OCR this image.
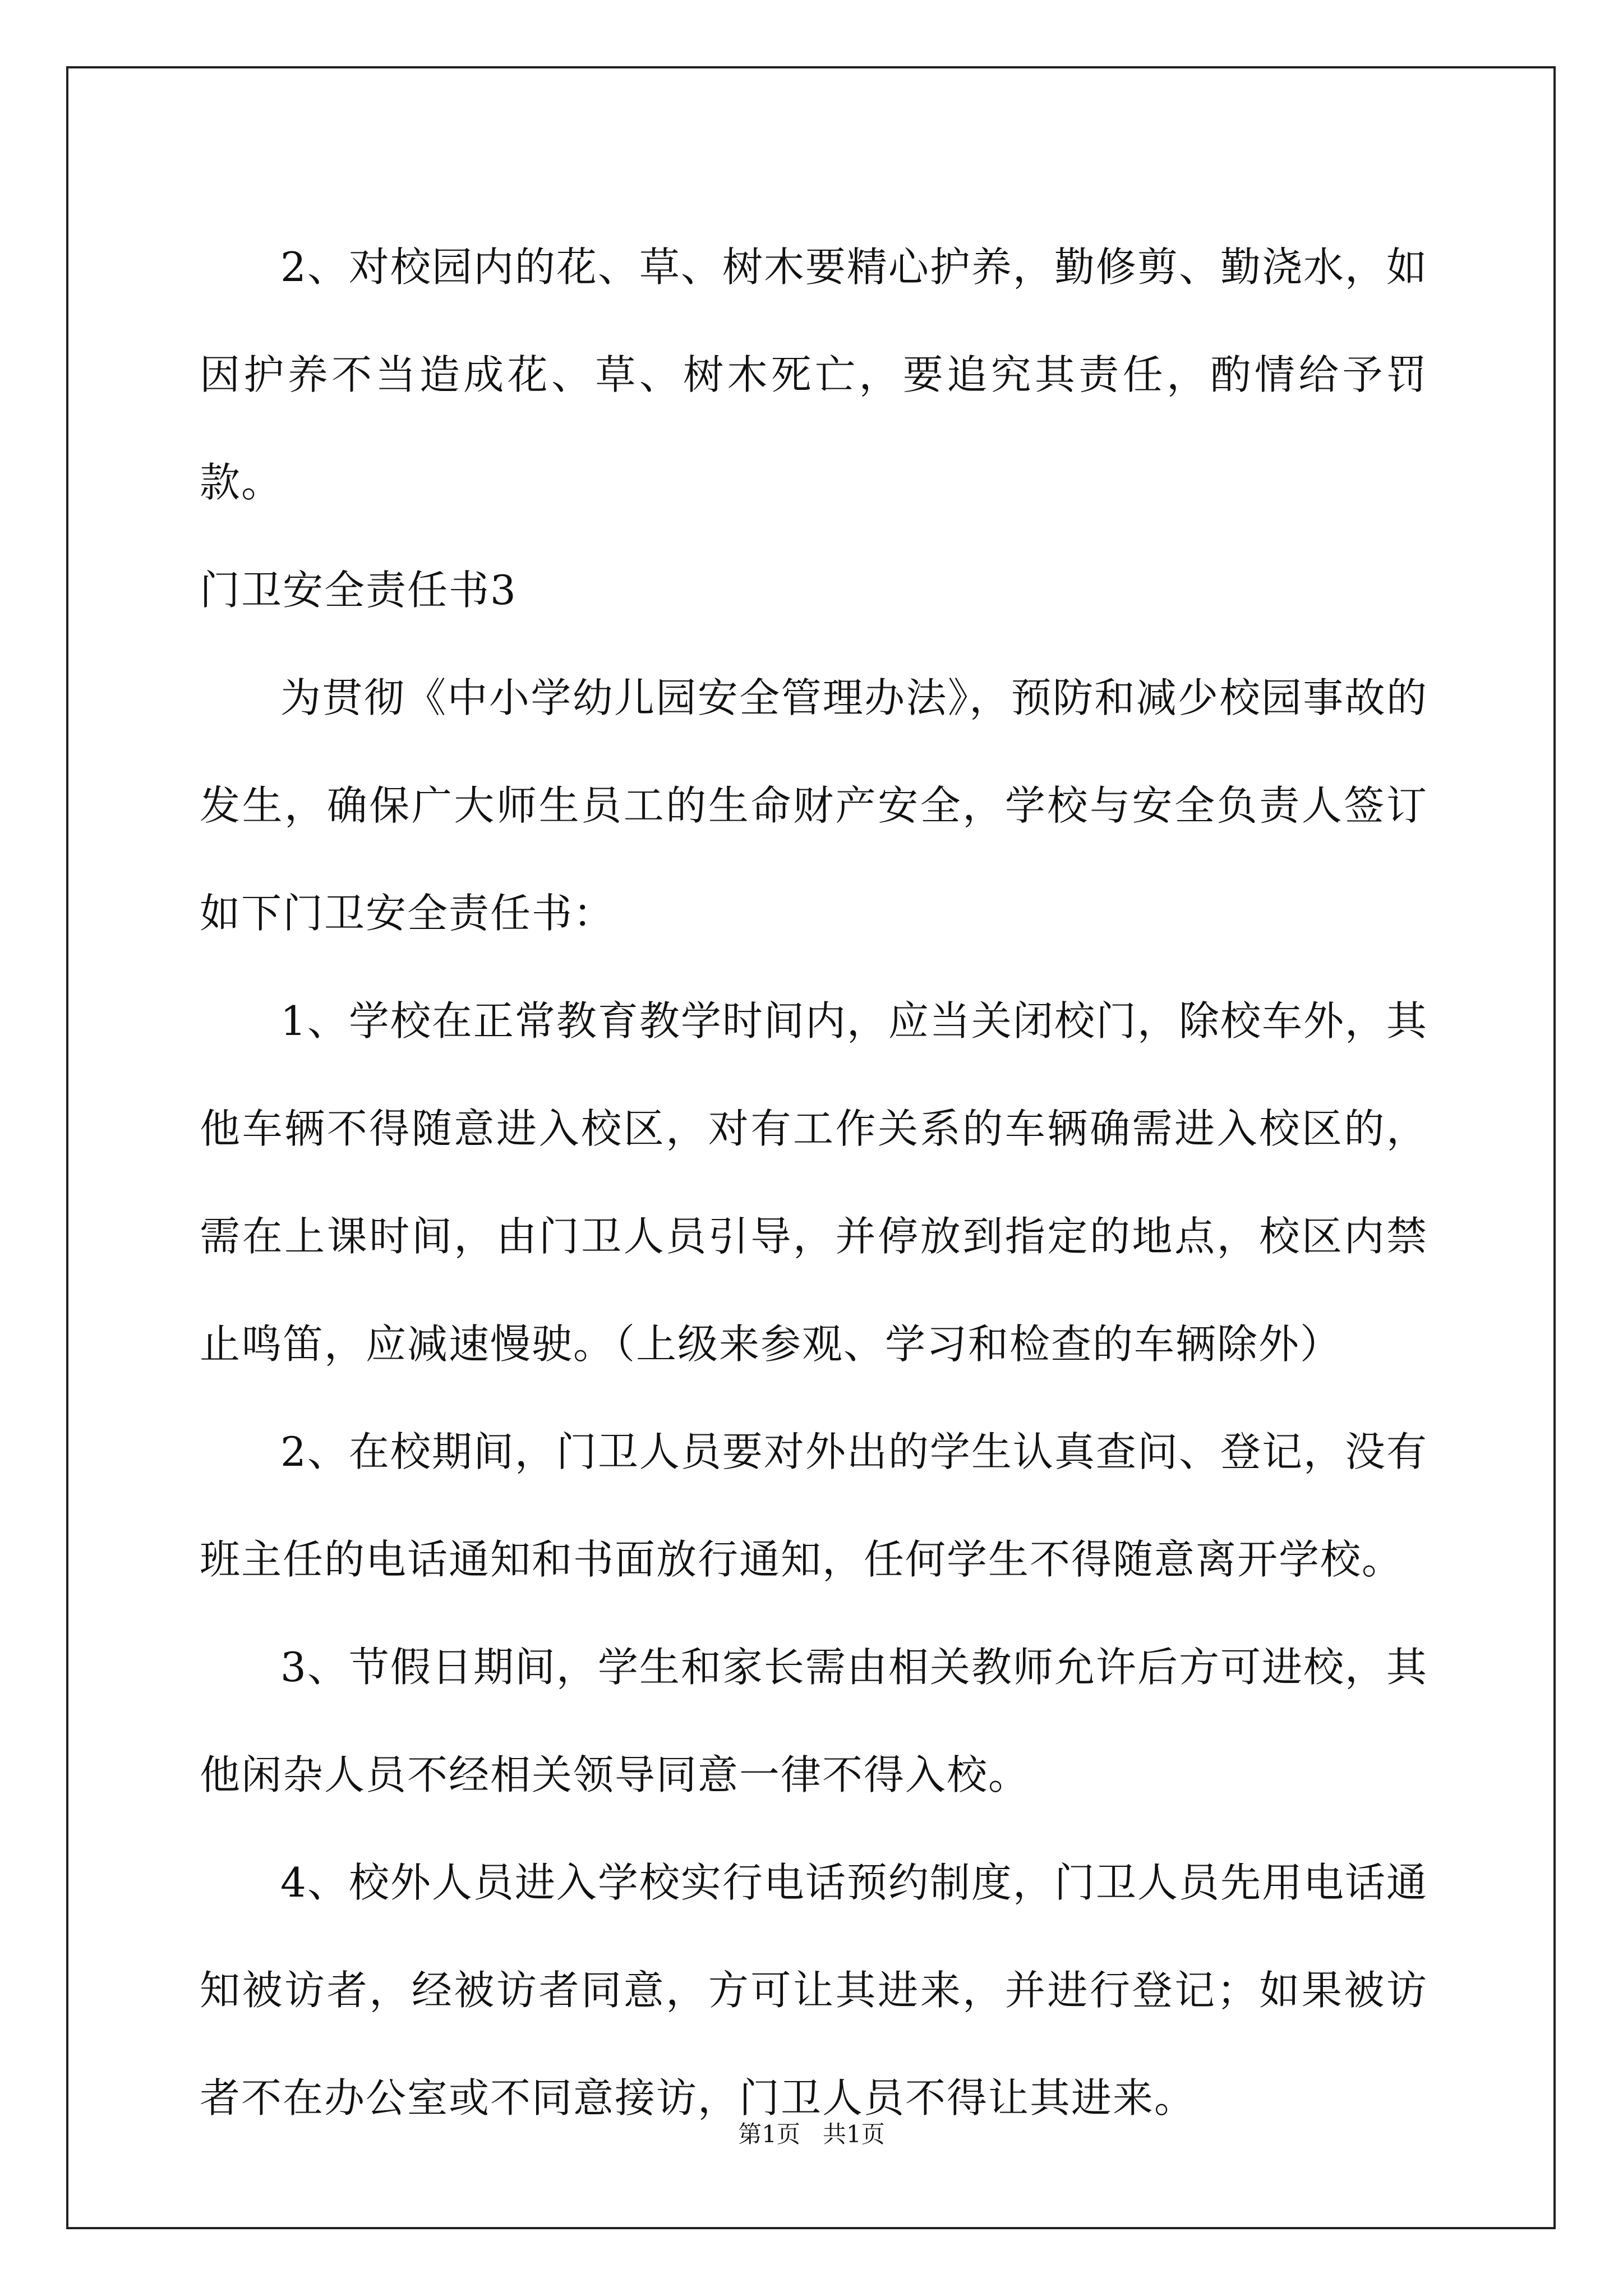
2、对校园内的花、草、树木要精心护养，勤修剪、勤浇水，如因护养不当造成花、草、树木死亡，要追究其责任，酌情给予罚款。

门卫安全责任书3

为贯彻《中小学幼儿园安全管理办法》，预防和减少校园事故的发生，确保广大师生员工的生命财产安全，学校与安全负责人签订如下门卫安全责任书：

1、学校在正常教育教学时间内，应当关闭校门，除校车外，其他车辆不得随意进入校区，对有工作关系的车辆确需进入校区的，需在上课时间，由门卫人员引导，并停放到指定的地点，校区内禁止鸣笛，应减速慢驶。（上级来参观、学习和检查的车辆除外）

2、在校期间，门卫人员要对外出的学生认真查问、登记，没有班主任的电话通知和书面放行通知，任何学生不得随意离开学校。

3、节假日期间，学生和家长需由相关教师允许后方可进校，其他闲杂人员不经相关领导同意一律不得入校。

4、校外人员进入学校实行电话预约制度，门卫人员先用电话通知被访者，经被访者同意，方可让其进来，并进行登记；如果被访者不在办公室或不同意接访，门卫人员不得让其进来。

第1页 共1页
